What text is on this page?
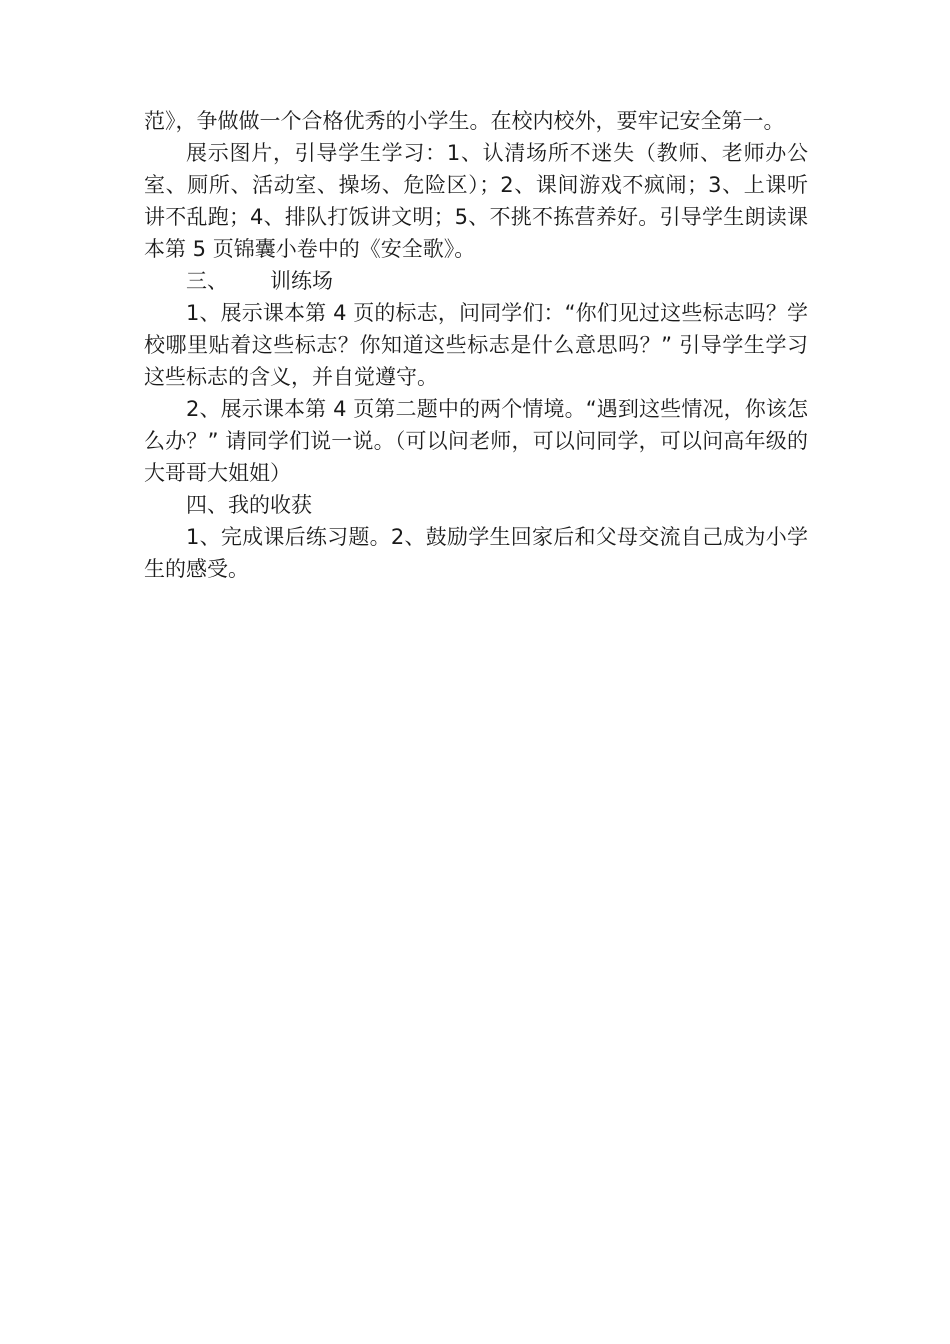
范》，争做做一个合格优秀的小学生。在校内校外，要牢记安全第一。

展示图片，引导学生学习：1、认清场所不迷失（教师、老师办公室、厕所、活动室、操场、危险区）；2、课间游戏不疯闹；3、上课听讲不乱跑；4、排队打饭讲文明；5、不挑不拣营养好。引导学生朗读课本第 5 页锦囊小卷中的《安全歌》。

三、 训练场

1、展示课本第 4 页的标志，问同学们：“你们见过这些标志吗？学校哪里贴着这些标志？你知道这些标志是什么意思吗？” 引导学生学习这些标志的含义，并自觉遵守。

2、展示课本第 4 页第二题中的两个情境。“遇到这些情况，你该怎么办？” 请同学们说一说。（可以问老师，可以问同学，可以问高年级的大哥哥大姐姐）

四、我的收获

1、完成课后练习题。2、鼓励学生回家后和父母交流自己成为小学生的感受。
